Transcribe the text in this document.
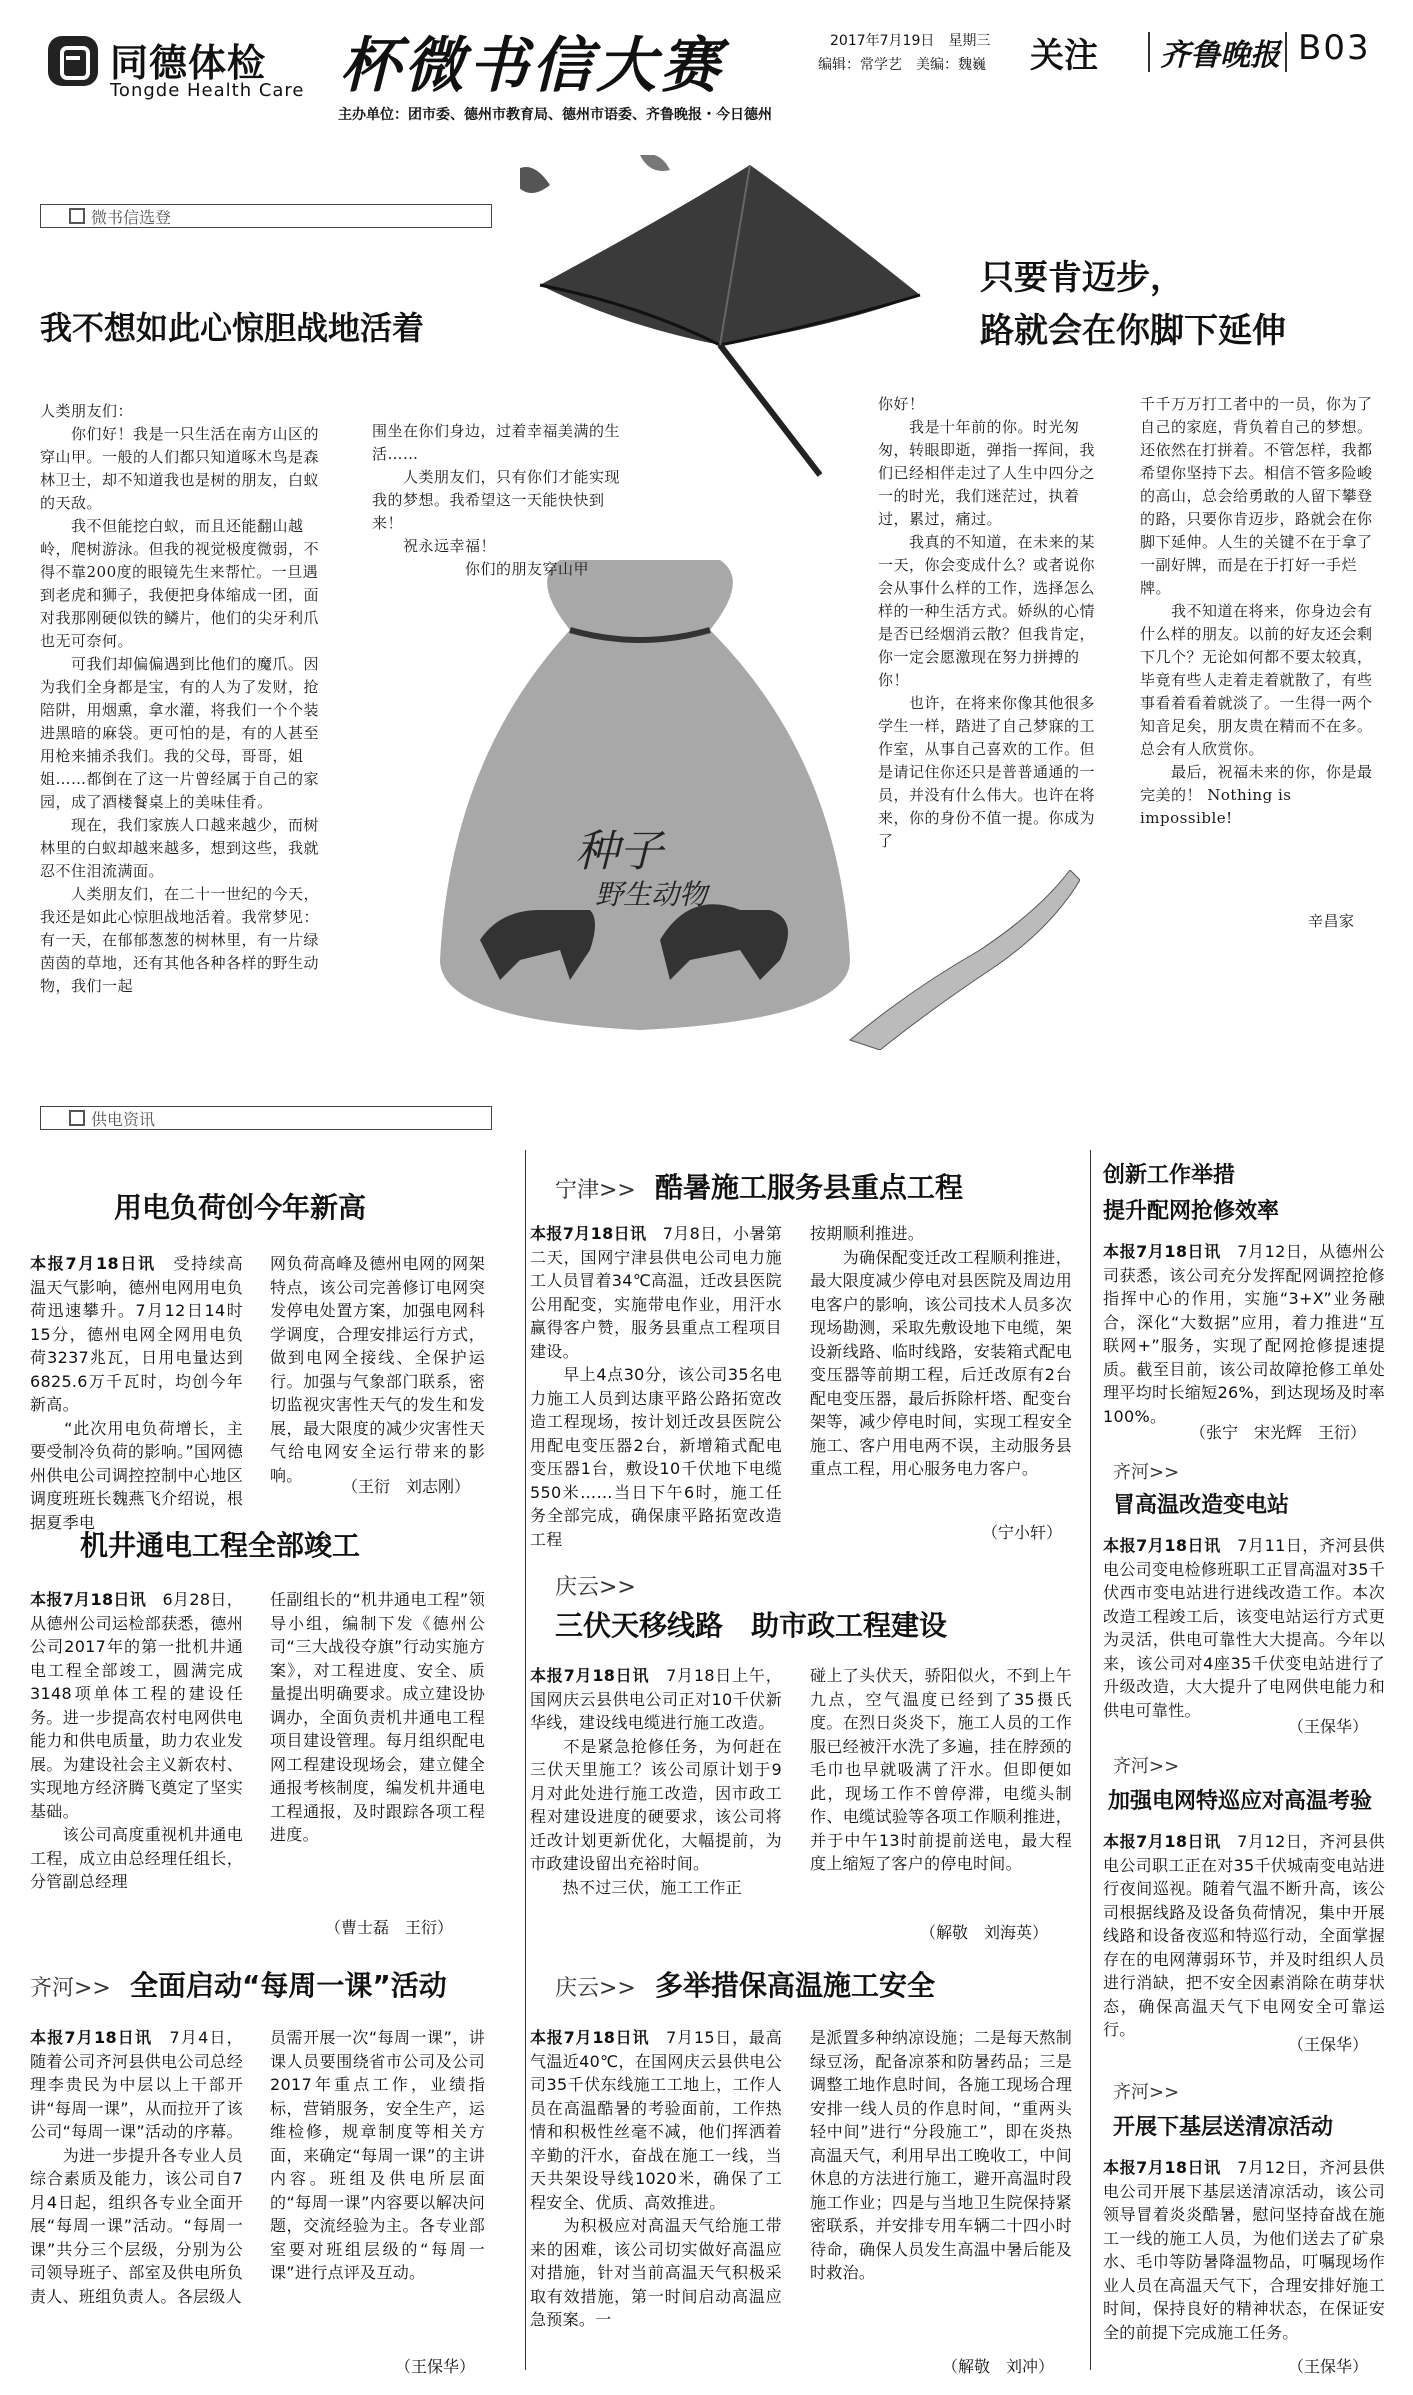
同德体检
Tongde Health Care 杯微书信大赛
主办单位：团市委、德州市教育局、德州市语委、齐鲁晚报・今日德州
2017年7月19日　星期三
编辑：常学艺　美编：魏巍 关注 齐鲁晚报 B03
微书信选登
种子
野生动物
我不想如此心惊胆战地活着
人类朋友们：
　　你们好！我是一只生活在南方山区的穿山甲。一般的人们都只知道啄木鸟是森林卫士，却不知道我也是树的朋友，白蚁的天敌。
　　我不但能挖白蚁，而且还能翻山越岭，爬树游泳。但我的视觉极度微弱，不得不靠200度的眼镜先生来帮忙。一旦遇到老虎和狮子，我便把身体缩成一团，面对我那刚硬似铁的鳞片，他们的尖牙利爪也无可奈何。
　　可我们却偏偏遇到比他们的魔爪。因为我们全身都是宝，有的人为了发财，抢陪阱，用烟熏，拿水灌，将我们一个个装进黑暗的麻袋。更可怕的是，有的人甚至用枪来捕杀我们。我的父母，哥哥，姐姐……都倒在了这一片曾经属于自己的家园，成了酒楼餐桌上的美味佳肴。
　　现在，我们家族人口越来越少，而树林里的白蚁却越来越多，想到这些，我就忍不住泪流满面。
　　人类朋友们，在二十一世纪的今天，我还是如此心惊胆战地活着。我常梦见：有一天，在郁郁葱葱的树林里，有一片绿茵茵的草地，还有其他各种各样的野生动物，我们一起
围坐在你们身边，过着幸福美满的生活……
　　人类朋友们，只有你们才能实现我的梦想。我希望这一天能快快到来！
　　祝永远幸福！
　　　　　　你们的朋友穿山甲
只要肯迈步，
路就会在你脚下延伸
你好！
　　我是十年前的你。时光匆匆，转眼即逝，弹指一挥间，我们已经相伴走过了人生中四分之一的时光，我们迷茫过，执着过，累过，痛过。
　　我真的不知道，在未来的某一天，你会变成什么？或者说你会从事什么样的工作，选择怎么样的一种生活方式。娇纵的心情是否已经烟消云散？但我肯定，你一定会愿激现在努力拼搏的你！
　　也许，在将来你像其他很多学生一样，踏进了自己梦寐的工作室，从事自己喜欢的工作。但是请记住你还只是普普通通的一员，并没有什么伟大。也许在将来，你的身份不值一提。你成为了
千千万万打工者中的一员，你为了自己的家庭，背负着自己的梦想。还依然在打拼着。不管怎样，我都希望你坚持下去。相信不管多险峻的高山，总会给勇敢的人留下攀登的路，只要你肯迈步，路就会在你脚下延伸。人生的关键不在于拿了一副好牌，而是在于打好一手烂牌。
　　我不知道在将来，你身边会有什么样的朋友。以前的好友还会剩下几个？无论如何都不要太较真，毕竟有些人走着走着就散了，有些事看着看着就淡了。一生得一两个知音足矣，朋友贵在精而不在多。总会有人欣赏你。
　　最后，祝福未来的你，你是最完美的！ Nothing is impossible!
辛昌家
供电资讯
用电负荷创今年新高
本报7月18日讯　受持续高温天气影响，德州电网用电负荷迅速攀升。7月12日14时15分，德州电网全网用电负荷3237兆瓦，日用电量达到6825.6万千瓦时，均创今年新高。
　　“此次用电负荷增长，主要受制冷负荷的影响。”国网德州供电公司调控控制中心地区调度班班长魏燕飞介绍说，根据夏季电
网负荷高峰及德州电网的网架特点，该公司完善修订电网突发停电处置方案，加强电网科学调度，合理安排运行方式，做到电网全接线、全保护运行。加强与气象部门联系，密切监视灾害性天气的发生和发展，最大限度的减少灾害性天气给电网安全运行带来的影响。
（王衍　刘志刚）
机井通电工程全部竣工
本报7月18日讯　6月28日，从德州公司运检部获悉，德州公司2017年的第一批机井通电工程全部竣工，圆满完成3148项单体工程的建设任务。进一步提高农村电网供电能力和供电质量，助力农业发展。为建设社会主义新农村、实现地方经济腾飞奠定了坚实基础。
　　该公司高度重视机井通电工程，成立由总经理任组长，分管副总经理
任副组长的“机井通电工程”领导小组，编制下发《德州公司“三大战役夺旗”行动实施方案》，对工程进度、安全、质量提出明确要求。成立建设协调办，全面负责机井通电工程项目建设管理。每月组织配电网工程建设现场会，建立健全通报考核制度，编发机井通电工程通报，及时跟踪各项工程进度。
（曹士磊　王衍）
齐河>> 全面启动“每周一课”活动
本报7月18日讯　7月4日，随着公司齐河县供电公司总经理李贵民为中层以上干部开讲“每周一课”，从而拉开了该公司“每周一课”活动的序幕。
　　为进一步提升各专业人员综合素质及能力，该公司自7月4日起，组织各专业全面开展“每周一课”活动。“每周一课”共分三个层级，分别为公司领导班子、部室及供电所负责人、班组负责人。各层级人
员需开展一次“每周一课”，讲课人员要围绕省市公司及公司2017年重点工作，业绩指标，营销服务，安全生产，运维检修，规章制度等相关方面，来确定“每周一课”的主讲内容。班组及供电所层面的“每周一课”内容要以解决问题，交流经验为主。各专业部室要对班组层级的“每周一课”进行点评及互动。
（王保华）
宁津>> 酷暑施工服务县重点工程
本报7月18日讯　7月8日，小暑第二天，国网宁津县供电公司电力施工人员冒着34℃高温，迁改县医院公用配变，实施带电作业，用汗水赢得客户赞，服务县重点工程项目建设。
　　早上4点30分，该公司35名电力施工人员到达康平路公路拓宽改造工程现场，按计划迁改县医院公用配电变压器2台，新增箱式配电变压器1台，敷设10千伏地下电缆550米……当日下午6时，施工任务全部完成，确保康平路拓宽改造工程
按期顺利推进。
　　为确保配变迁改工程顺利推进，最大限度减少停电对县医院及周边用电客户的影响，该公司技术人员多次现场勘测，采取先敷设地下电缆，架设新线路、临时线路，安装箱式配电变压器等前期工程，后迁改原有2台配电变压器，最后拆除杆塔、配变台架等，减少停电时间，实现工程安全施工、客户用电两不误，主动服务县重点工程，用心服务电力客户。
（宁小轩）
庆云>>
三伏天移线路　助市政工程建设
本报7月18日讯　7月18日上午，国网庆云县供电公司正对10千伏新华线，建设线电缆进行施工改造。
　　不是紧急抢修任务，为何赶在三伏天里施工？该公司原计划于9月对此处进行施工改造，因市政工程对建设进度的硬要求，该公司将迁改计划更新优化，大幅提前，为市政建设留出充裕时间。
　　热不过三伏，施工工作正
碰上了头伏天，骄阳似火，不到上午九点，空气温度已经到了35摄氏度。在烈日炎炎下，施工人员的工作服已经被汗水洗了多遍，挂在脖颈的毛巾也早就吸满了汗水。但即便如此，现场工作不曾停滞，电缆头制作、电缆试验等各项工作顺利推进，并于中午13时前提前送电，最大程度上缩短了客户的停电时间。
（解敬　刘海英）
庆云>> 多举措保高温施工安全
本报7月18日讯　7月15日，最高气温近40℃，在国网庆云县供电公司35千伏东线施工工地上，工作人员在高温酷暑的考验面前，工作热情和积极性丝毫不减，他们挥洒着辛勤的汗水，奋战在施工一线，当天共架设导线1020米，确保了工程安全、优质、高效推进。
　　为积极应对高温天气给施工带来的困难，该公司切实做好高温应对措施，针对当前高温天气积极采取有效措施，第一时间启动高温应急预案。一
是派置多种纳凉设施；二是每天熬制绿豆汤，配备凉茶和防暑药品；三是调整工地作息时间，各施工现场合理安排一线人员的作息时间，“重两头轻中间”进行“分段施工”，即在炎热高温天气，利用早出工晚收工，中间休息的方法进行施工，避开高温时段施工作业；四是与当地卫生院保持紧密联系，并安排专用车辆二十四小时待命，确保人员发生高温中暑后能及时救治。
（解敬　刘冲）
创新工作举措
提升配网抢修效率
本报7月18日讯　7月12日，从德州公司获悉，该公司充分发挥配网调控抢修指挥中心的作用，实施“3+X”业务融合，深化“大数据”应用，着力推进“互联网+”服务，实现了配网抢修提速提质。截至目前，该公司故障抢修工单处理平均时长缩短26%，到达现场及时率100%。
（张宁　宋光辉　王衍）
齐河>>
冒高温改造变电站
本报7月18日讯　7月11日，齐河县供电公司变电检修班职工正冒高温对35千伏西市变电站进行进线改造工作。本次改造工程竣工后，该变电站运行方式更为灵活，供电可靠性大大提高。今年以来，该公司对4座35千伏变电站进行了升级改造，大大提升了电网供电能力和供电可靠性。
（王保华）
齐河>>
加强电网特巡应对高温考验
本报7月18日讯　7月12日，齐河县供电公司职工正在对35千伏城南变电站进行夜间巡视。随着气温不断升高，该公司根据线路及设备负荷情况，集中开展线路和设备夜巡和特巡行动，全面掌握存在的电网薄弱环节，并及时组织人员进行消缺，把不安全因素消除在萌芽状态，确保高温天气下电网安全可靠运行。
（王保华）
齐河>>
开展下基层送清凉活动
本报7月18日讯　7月12日，齐河县供电公司开展下基层送清凉活动，该公司领导冒着炎炎酷暑，慰问坚持奋战在施工一线的施工人员，为他们送去了矿泉水、毛巾等防暑降温物品，叮嘱现场作业人员在高温天气下，合理安排好施工时间，保持良好的精神状态，在保证安全的前提下完成施工任务。
（王保华）
